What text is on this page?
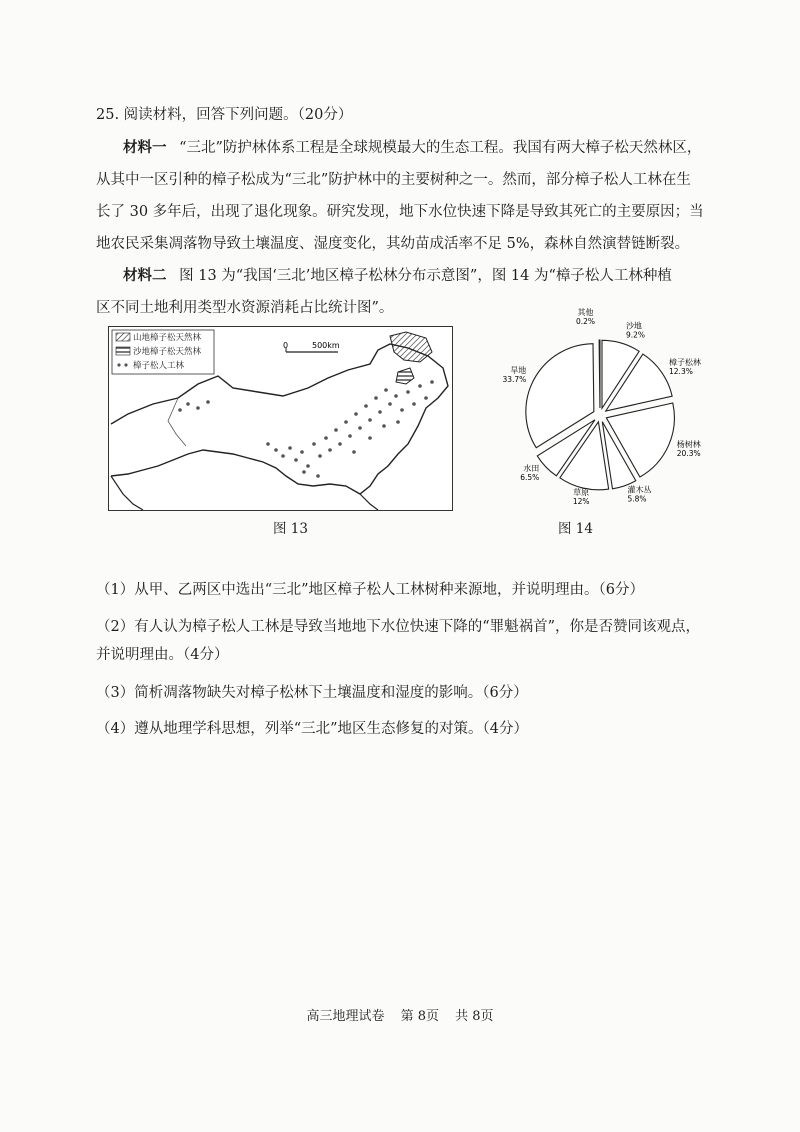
25. 阅读材料，回答下列问题。（20分）
材料一 “三北”防护林体系工程是全球规模最大的生态工程。我国有两大樟子松天然林区，
从其中一区引种的樟子松成为“三北”防护林中的主要树种之一。然而，部分樟子松人工林在生
长了 30 多年后，出现了退化现象。研究发现，地下水位快速下降是导致其死亡的主要原因；当
地农民采集凋落物导致土壤温度、湿度变化，其幼苗成活率不足 5%，森林自然演替链断裂。
材料二 图 13 为“我国‘三北’地区樟子松林分布示意图”，图 14 为“樟子松人工林种植
区不同土地利用类型水资源消耗占比统计图”。
山地樟子松天然林
沙地樟子松天然林
樟子松人工林
0	500km
图 13
沙地
9.2%
樟子松林
12.3%
杨树林
20.3%
灌木丛
5.8%
草原
12%
水田
6.5%
旱地
33.7%
其他
0.2%
图 14
（1）从甲、乙两区中选出“三北”地区樟子松人工林树种来源地，并说明理由。（6分）
（2）有人认为樟子松人工林是导致当地地下水位快速下降的“罪魁祸首”，你是否赞同该观点，
并说明理由。（4分）
（3）简析凋落物缺失对樟子松林下土壤温度和湿度的影响。（6分）
（4）遵从地理学科思想，列举“三北”地区生态修复的对策。（4分）
高三地理试卷 第 8页 共 8页
